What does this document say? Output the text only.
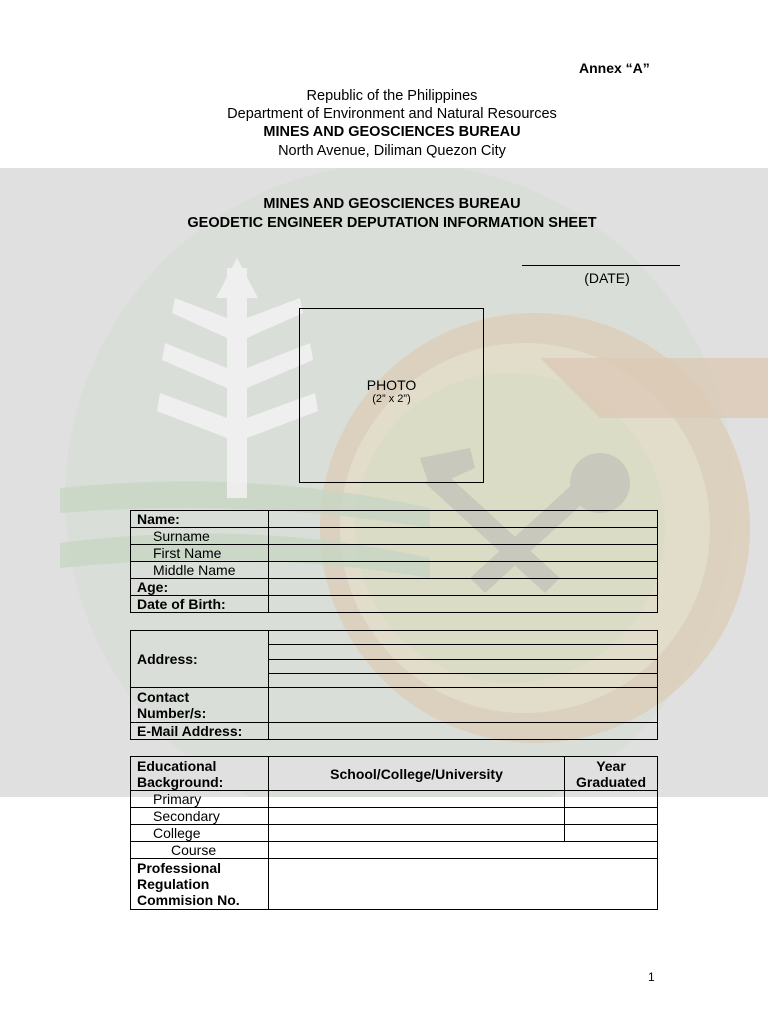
Annex “A”
Republic of the Philippines
Department of Environment and Natural Resources
MINES AND GEOSCIENCES BUREAU
North Avenue, Diliman Quezon City
MINES AND GEOSCIENCES BUREAU
GEODETIC ENGINEER DEPUTATION INFORMATION SHEET
(DATE)
PHOTO
(2” x 2”)
Name:	
Surname	
First Name	
Middle Name	
Age:	
Date of Birth:	
Address:	

Contact Number/s:	
E-Mail Address:	
Educational Background:	School/College/University	Year Graduated
Primary		
Secondary		
College		
Course		
Professional Regulation Commision No.		
1
